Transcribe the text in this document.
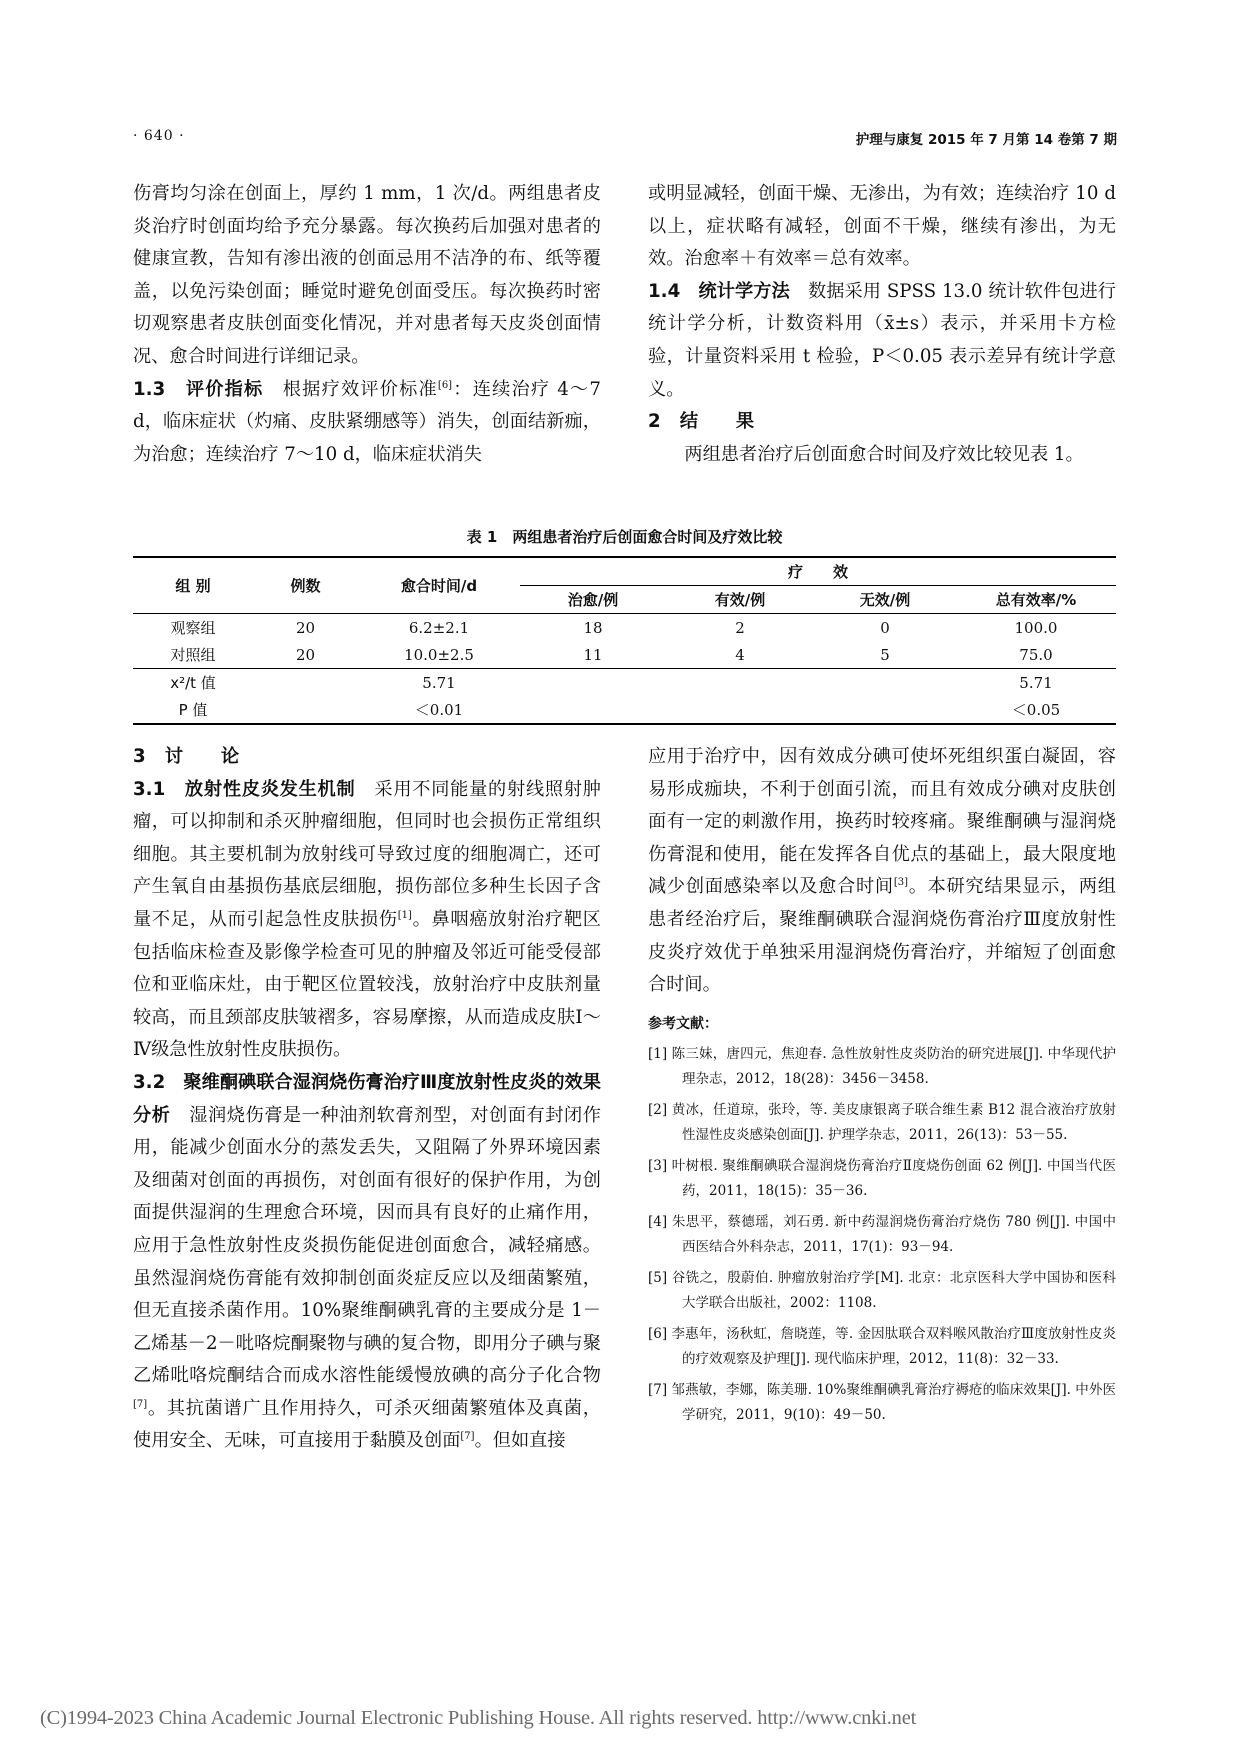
· 640 ·	护理与康复 2015 年 7 月第 14 卷第 7 期

伤膏均匀涂在创面上，厚约 1 mm，1 次/d。两组患者皮炎治疗时创面均给予充分暴露。每次换药后加强对患者的健康宣教，告知有渗出液的创面忌用不洁净的布、纸等覆盖，以免污染创面；睡觉时避免创面受压。每次换药时密切观察患者皮肤创面变化情况，并对患者每天皮炎创面情况、愈合时间进行详细记录。

1.3　评价指标　根据疗效评价标准[6]：连续治疗 4～7 d，临床症状（灼痛、皮肤紧绷感等）消失，创面结新痂，为治愈；连续治疗 7～10 d，临床症状消失

或明显减轻，创面干燥、无渗出，为有效；连续治疗 10 d 以上，症状略有减轻，创面不干燥，继续有渗出，为无效。治愈率＋有效率＝总有效率。

1.4　统计学方法　数据采用 SPSS 13.0 统计软件包进行统计学分析，计数资料用（x̄±s）表示，并采用卡方检验，计量资料采用 t 检验，P＜0.05 表示差异有统计学意义。

2　结　　果

两组患者治疗后创面愈合时间及疗效比较见表 1。

表 1　两组患者治疗后创面愈合时间及疗效比较
组 别	例数	愈合时间/d	疗　　效			
			治愈/例	有效/例	无效/例	总有效率/%
观察组	20	6.2±2.1	18	2	0	100.0
对照组	20	10.0±2.5	11	4	5	75.0
x²/t 值		5.71				5.71
P 值		＜0.01				＜0.05

3　讨　　论

3.1　放射性皮炎发生机制　采用不同能量的射线照射肿瘤，可以抑制和杀灭肿瘤细胞，但同时也会损伤正常组织细胞。其主要机制为放射线可导致过度的细胞凋亡，还可产生氧自由基损伤基底层细胞，损伤部位多种生长因子含量不足，从而引起急性皮肤损伤[1]。鼻咽癌放射治疗靶区包括临床检查及影像学检查可见的肿瘤及邻近可能受侵部位和亚临床灶，由于靶区位置较浅，放射治疗中皮肤剂量较高，而且颈部皮肤皱褶多，容易摩擦，从而造成皮肤Ⅰ～Ⅳ级急性放射性皮肤损伤。

3.2　聚维酮碘联合湿润烧伤膏治疗Ⅲ度放射性皮炎的效果分析　湿润烧伤膏是一种油剂软膏剂型，对创面有封闭作用，能减少创面水分的蒸发丢失，又阻隔了外界环境因素及细菌对创面的再损伤，对创面有很好的保护作用，为创面提供湿润的生理愈合环境，因而具有良好的止痛作用，应用于急性放射性皮炎损伤能促进创面愈合，减轻痛感。虽然湿润烧伤膏能有效抑制创面炎症反应以及细菌繁殖，但无直接杀菌作用。10%聚维酮碘乳膏的主要成分是 1－乙烯基－2－吡咯烷酮聚物与碘的复合物，即用分子碘与聚乙烯吡咯烷酮结合而成水溶性能缓慢放碘的高分子化合物[7]。其抗菌谱广且作用持久，可杀灭细菌繁殖体及真菌，使用安全、无味，可直接用于黏膜及创面[7]。但如直接

应用于治疗中，因有效成分碘可使坏死组织蛋白凝固，容易形成痂块，不利于创面引流，而且有效成分碘对皮肤创面有一定的刺激作用，换药时较疼痛。聚维酮碘与湿润烧伤膏混和使用，能在发挥各自优点的基础上，最大限度地减少创面感染率以及愈合时间[3]。本研究结果显示，两组患者经治疗后，聚维酮碘联合湿润烧伤膏治疗Ⅲ度放射性皮炎疗效优于单独采用湿润烧伤膏治疗，并缩短了创面愈合时间。

参考文献：
[1] 陈三妹，唐四元，焦迎春. 急性放射性皮炎防治的研究进展[J]. 中华现代护理杂志，2012，18(28)：3456－3458.
[2] 黄冰，任道琼，张玲，等. 美皮康银离子联合维生素 B12 混合液治疗放射性湿性皮炎感染创面[J]. 护理学杂志，2011，26(13)：53－55.
[3] 叶树根. 聚维酮碘联合湿润烧伤膏治疗Ⅱ度烧伤创面 62 例[J]. 中国当代医药，2011，18(15)：35－36.
[4] 朱思平，蔡德瑶，刘石勇. 新中药湿润烧伤膏治疗烧伤 780 例[J]. 中国中西医结合外科杂志，2011，17(1)：93－94.
[5] 谷铣之，殷蔚伯. 肿瘤放射治疗学[M]. 北京：北京医科大学中国协和医科大学联合出版社，2002：1108.
[6] 李惠年，汤秋虹，詹晓莲，等. 金因肽联合双料喉风散治疗Ⅲ度放射性皮炎的疗效观察及护理[J]. 现代临床护理，2012，11(8)：32－33.
[7] 邹燕敏，李娜，陈美珊. 10%聚维酮碘乳膏治疗褥疮的临床效果[J]. 中外医学研究，2011，9(10)：49－50.
(C)1994-2023 China Academic Journal Electronic Publishing House. All rights reserved. http://www.cnki.net
